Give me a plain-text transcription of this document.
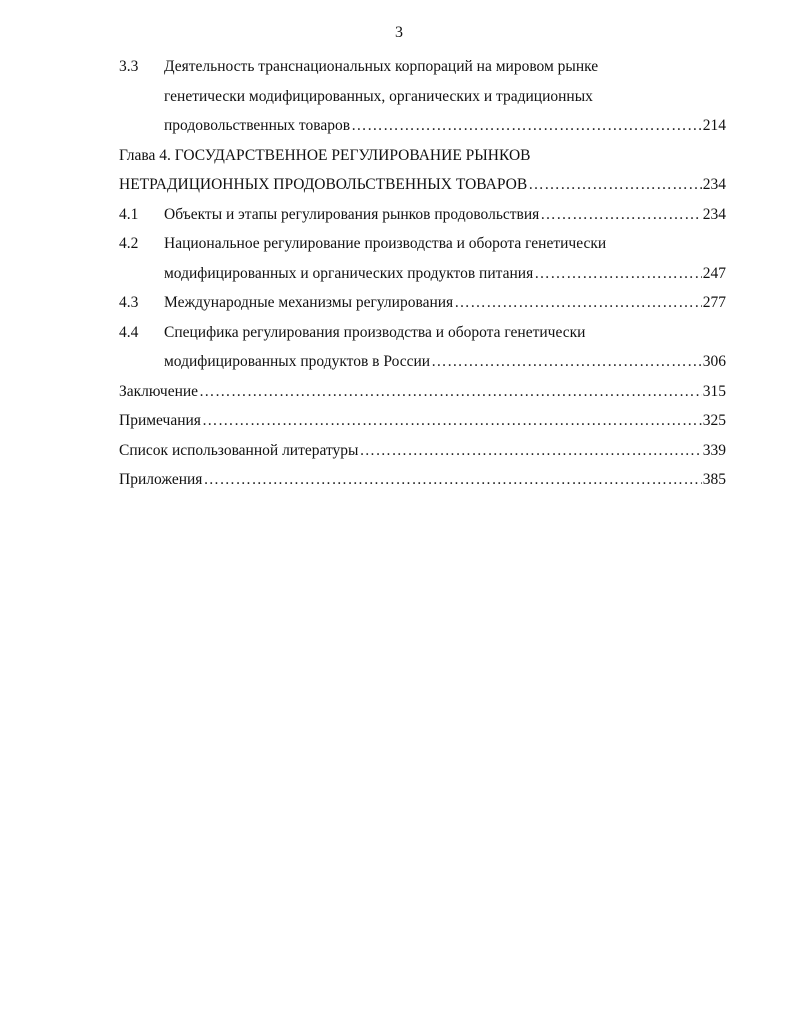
3
3.3 Деятельность транснациональных корпораций на мировом рынке
генетически модифицированных, органических и традиционных
продовольственных товаров …………………………………………………………………………………………………………………………………………………………………………………………	214
Глава 4. ГОСУДАРСТВЕННОЕ РЕГУЛИРОВАНИЕ РЫНКОВ
НЕТРАДИЦИОННЫХ ПРОДОВОЛЬСТВЕННЫХ ТОВАРОВ …………………………………………………………………………………………………………………………………………………………………………………………	234
4.1 Объекты и этапы регулирования рынков продовольствия …………………………………………………………………………………………………………………………………………………………………………………………	234
4.2 Национальное регулирование производства и оборота генетически
модифицированных и органических продуктов питания …………………………………………………………………………………………………………………………………………………………………………………………	247
4.3 Международные механизмы регулирования …………………………………………………………………………………………………………………………………………………………………………………………	277
4.4 Специфика регулирования производства и оборота генетически
модифицированных продуктов в России …………………………………………………………………………………………………………………………………………………………………………………………	306
Заключение …………………………………………………………………………………………………………………………………………………………………………………………	315
Примечания …………………………………………………………………………………………………………………………………………………………………………………………	325
Список использованной литературы …………………………………………………………………………………………………………………………………………………………………………………………	339
Приложения …………………………………………………………………………………………………………………………………………………………………………………………	385
